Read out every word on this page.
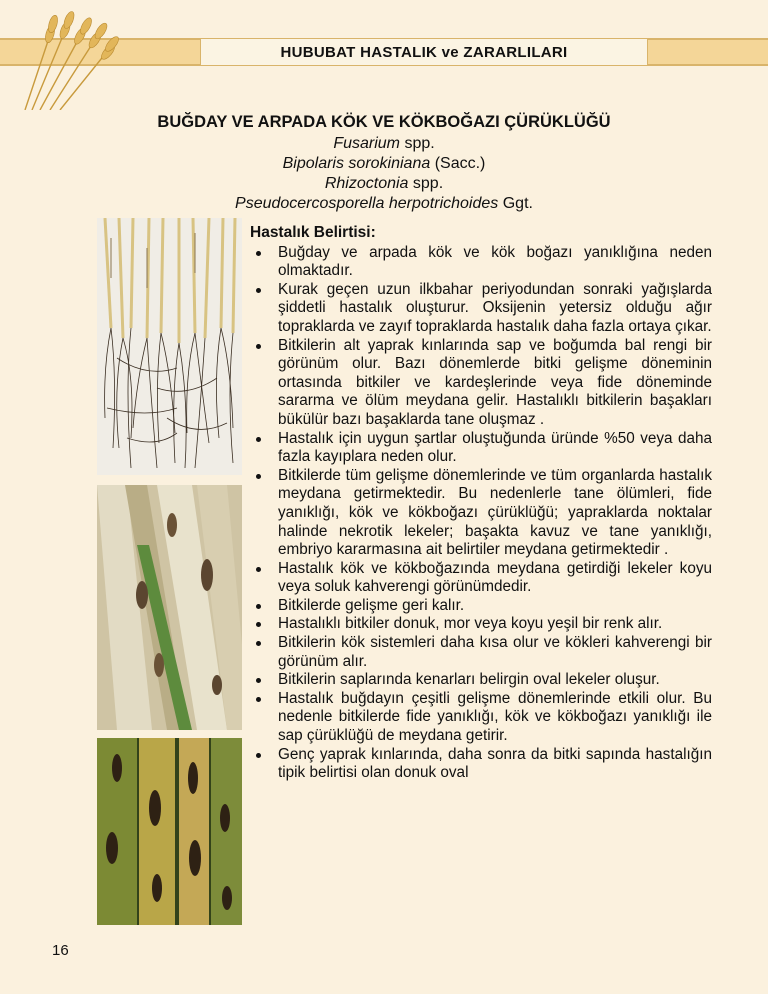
HUBUBAT HASTALIK ve ZARARLILARI
BUĞDAY VE ARPADA KÖK VE KÖKBOĞAZI ÇÜRÜKLÜĞÜ
Fusarium spp.
Bipolaris sorokiniana (Sacc.)
Rhizoctonia spp.
Pseudocercosporella herpotrichoides Ggt.
Hastalık Belirtisi:
Buğday ve arpada kök ve kök boğazı yanıklığına neden olmaktadır.
Kurak geçen uzun ilkbahar periyodundan sonraki yağışlarda şiddetli hastalık oluşturur. Oksijenin yetersiz olduğu ağır topraklarda ve zayıf topraklarda hastalık daha fazla ortaya çıkar.
Bitkilerin alt yaprak kınlarında sap ve boğumda bal rengi bir görünüm olur. Bazı dönemlerde bitki gelişme döneminin ortasında bitkiler ve kardeşlerinde veya fide döneminde sararma ve ölüm meydana gelir. Hastalıklı bitkilerin başakları bükülür bazı başaklarda tane oluşmaz .
Hastalık için uygun şartlar oluştuğunda üründe %50 veya daha fazla kayıplara neden olur.
Bitkilerde tüm gelişme dönemlerinde ve tüm organlarda hastalık meydana getirmektedir. Bu nedenlerle tane ölümleri, fide yanıklığı, kök ve kökboğazı çürüklüğü; yapraklarda noktalar halinde nekrotik lekeler; başakta kavuz ve tane yanıklığı, embriyo kararmasına ait belirtiler meydana getirmektedir .
Hastalık kök ve kökboğazında meydana getirdiği lekeler koyu veya soluk kahverengi görünümdedir.
Bitkilerde gelişme geri kalır.
Hastalıklı bitkiler donuk, mor veya koyu yeşil bir renk alır.
Bitkilerin kök sistemleri daha kısa olur ve kökleri kahverengi bir görünüm alır.
Bitkilerin saplarında kenarları belirgin oval lekeler oluşur.
Hastalık buğdayın çeşitli gelişme dönemlerinde etkili olur. Bu nedenle bitkilerde fide yanıklığı, kök ve kökboğazı yanıklığı ile sap çürüklüğü de meydana getirir.
Genç yaprak kınlarında, daha sonra da bitki sapında hastalığın tipik belirtisi olan donuk oval
16
